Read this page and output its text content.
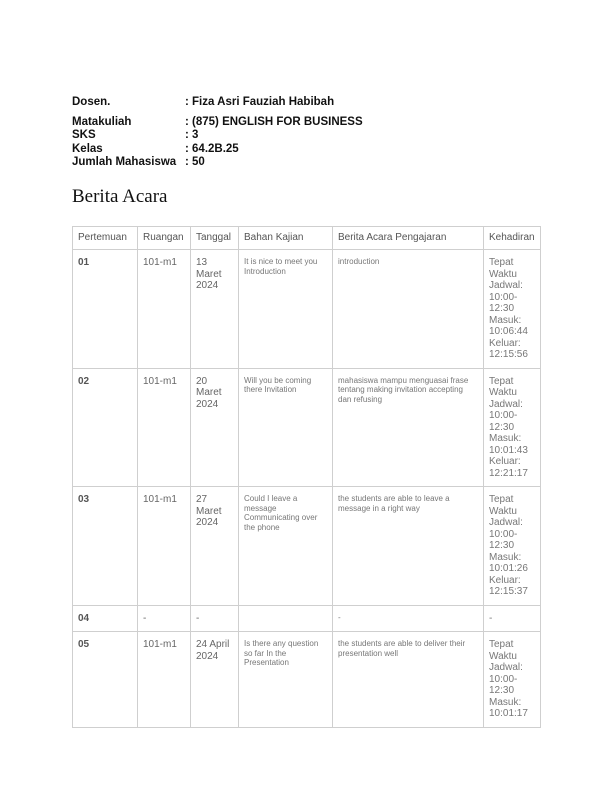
Dosen.	: Fiza Asri Fauziah Habibah
Matakuliah	: (875) ENGLISH FOR BUSINESS
SKS	: 3
Kelas	: 64.2B.25
Jumlah Mahasiswa : 50
Berita Acara
Pertemuan	Ruangan	Tanggal	Bahan Kajian	Berita Acara Pengajaran	Kehadiran
01	101-m1	13 Maret 2024	It is nice to meet you Introduction	introduction	Tepat Waktu Jadwal: 10:00-12:30 Masuk: 10:06:44 Keluar: 12:15:56
02	101-m1	20 Maret 2024	Will you be coming there Invitation	mahasiswa mampu menguasai frase tentang making invitation accepting dan refusing	Tepat Waktu Jadwal: 10:00-12:30 Masuk: 10:01:43 Keluar: 12:21:17
03	101-m1	27 Maret 2024	Could I leave a message Communicating over the phone	the students are able to leave a message in a right way	Tepat Waktu Jadwal: 10:00-12:30 Masuk: 10:01:26 Keluar: 12:15:37
04	-	-		-	-
05	101-m1	24 April 2024	Is there any question so far In the Presentation	the students are able to deliver their presentation well	Tepat Waktu Jadwal: 10:00-12:30 Masuk: 10:01:17
